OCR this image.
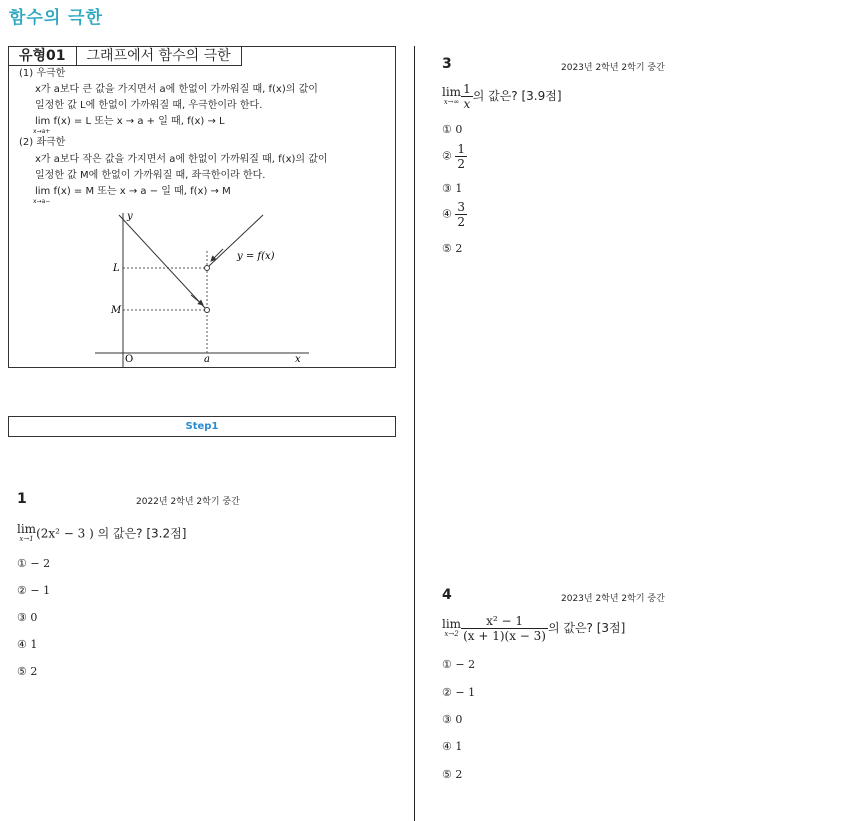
함수의 극한
유형01	그래프에서 함수의 극한
(1) 우극한
x가 a보다 큰 값을 가지면서 a에 한없이 가까워질 때, f(x)의 값이
일정한 값 L에 한없이 가까워질 때, 우극한이라 한다.
lim f(x) = L 또는 x → a + 일 때, f(x) → L
x→a+
(2) 좌극한
x가 a보다 작은 값을 가지면서 a에 한없이 가까워질 때, f(x)의 값이
일정한 값 M에 한없이 가까워질 때, 좌극한이라 한다.
lim f(x) = M 또는 x → a − 일 때, f(x) → M
x→a−
y
x
O	a
L
M
y = f(x)
Step1
1	2022년 2학년 2학기 중간
lim
x→1 (2x² − 3 ) 의 값은? [3.2점]
① − 2
② − 1
③ 0
④ 1
⑤ 2
3	2023년 2학년 2학기 중간
lim
$x\to\infty \frac{1}{x}$ 의 값은? [3.9점]
① 0
② $\frac{1}{2}$
③ 1
④ $\frac{3}{2}$
⑤ 2
4	2023년 2학년 2학기 중간
lim
$x\to 2 \frac{\text{x² − 1}}{(x + 1)(x - 3)}$ 의 값은? [3점]
① − 2
② − 1
③ 0
④ 1
⑤ 2
